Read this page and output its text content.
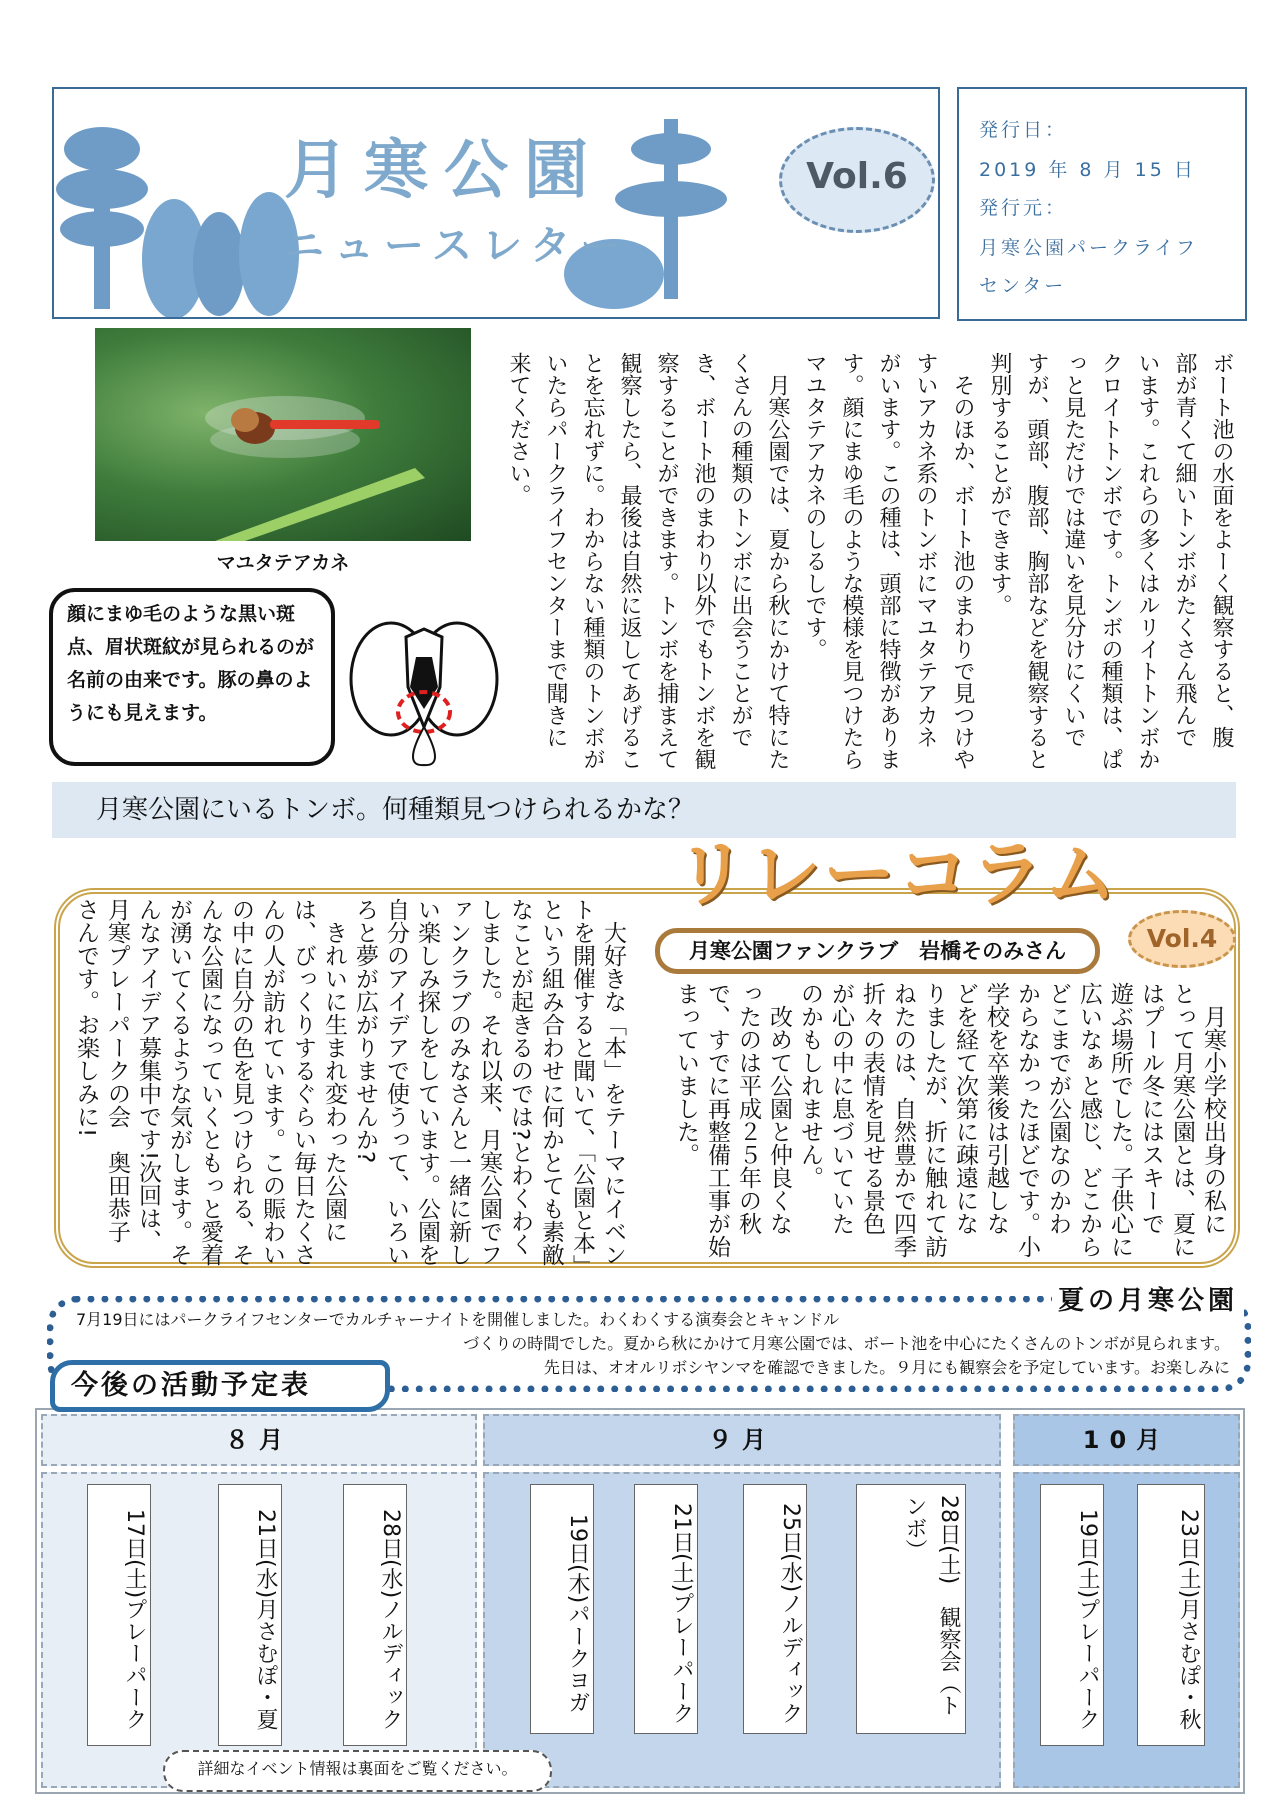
月寒公園
ニュースレター
Vol.6
発行日：
2019 年 8 月 15 日
発行元：
月寒公園パークライフ
センター
マユタテアカネ
顔にまゆ毛のような黒い斑点、眉状斑紋が見られるのが名前の由来です。豚の鼻のようにも見えます。	ボート池の水面をよーく観察すると、腹
部が青くて細いトンボがたくさん飛んで
います。これらの多くはルリイトトンボか
クロイトトンボです。トンボの種類は、ぱ
っと見ただけでは違いを見分けにくいで
すが、頭部、腹部、胸部などを観察すると
判別することができます。
　そのほか、ボート池のまわりで見つけや
すいアカネ系のトンボにマユタテアカネ
がいます。この種は、頭部に特徴がありま
す。顔にまゆ毛のような模様を見つけたら
マユタテアカネのしるしです。
　月寒公園では、夏から秋にかけて特にた
くさんの種類のトンボに出会うことがで
き、ボート池のまわり以外でもトンボを観
察することができます。トンボを捕まえて
観察したら、最後は自然に返してあげるこ
とを忘れずに。わからない種類のトンボが
いたらパークライフセンターまで聞きに
来てください。
月寒公園にいるトンボ。何種類見つけられるかな？
リレーコラム
月寒公園ファンクラブ　岩橋そのみさん	Vol.4
　月寒小学校出身の私に
とって月寒公園とは、夏に
はプール冬にはスキーで
遊ぶ場所でした。子供心に
広いなぁと感じ、どこから
どこまでが公園なのかわ
からなかったほどです。小
学校を卒業後は引越しな
どを経て次第に疎遠にな
りましたが、折に触れて訪
ねたのは、自然豊かで四季
折々の表情を見せる景色
が心の中に息づいていた
のかもしれません。
　改めて公園と仲良くな
ったのは平成２５年の秋
で、すでに再整備工事が始
まっていました。
　大好きな「本」をテーマにイベン
トを開催すると聞いて、「公園と本」
という組み合わせに何かとても素敵
なことが起きるのでは?とわくわく
しました。それ以来、月寒公園でフ
ァンクラブのみなさんと一緒に新し
い楽しみ探しをしています。公園を
自分のアイデアで使うって、いろい
ろと夢が広がりませんか?
　きれいに生まれ変わった公園に
は、びっくりするぐらい毎日たくさ
んの人が訪れています。この賑わい
の中に自分の色を見つけられる、そ
んな公園になっていくともっと愛着
が湧いてくるような気がします。そ
んなアイデア募集中です!次回は、
月寒プレーパークの会　奥田恭子
さんです。お楽しみに!
7月19日にはパークライフセンターでカルチャーナイトを開催しました。わくわくする演奏会とキャンドル
づくりの時間でした。夏から秋にかけて月寒公園では、ボート池を中心にたくさんのトンボが見られます。
先日は、オオルリボシヤンマを確認できました。９月にも観察会を予定しています。お楽しみに
夏の月寒公園
８月	９月	10月
17日(土)プレーパーク	21日(水)月さむぽ・夏	28日(水)ノルディック	19日(木)パークヨガ	21日(土)プレーパーク	25日(水)ノルディック	28日(土)　観察会（トンボ）	19日(土)プレーパーク	23日(土)月さむぽ・秋
今後の活動予定表
詳細なイベント情報は裏面をご覧ください。
